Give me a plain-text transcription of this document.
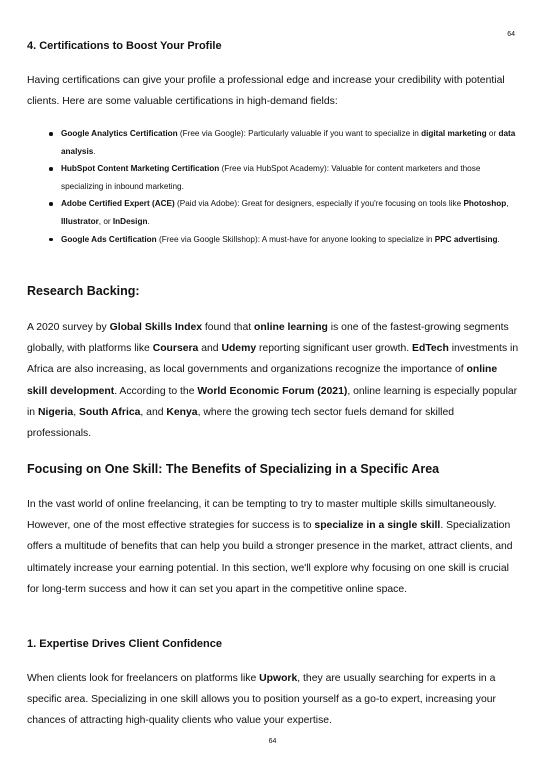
64
4. Certifications to Boost Your Profile

Having certifications can give your profile a professional edge and increase your credibility with potential clients. Here are some valuable certifications in high-demand fields:

Google Analytics Certification (Free via Google): Particularly valuable if you want to specialize in digital marketing or data analysis.
HubSpot Content Marketing Certification (Free via HubSpot Academy): Valuable for content marketers and those specializing in inbound marketing.
Adobe Certified Expert (ACE) (Paid via Adobe): Great for designers, especially if you're focusing on tools like Photoshop, Illustrator, or InDesign.
Google Ads Certification (Free via Google Skillshop): A must-have for anyone looking to specialize in PPC advertising.
Research Backing:

A 2020 survey by Global Skills Index found that online learning is one of the fastest-growing segments globally, with platforms like Coursera and Udemy reporting significant user growth. EdTech investments in Africa are also increasing, as local governments and organizations recognize the importance of online skill development. According to the World Economic Forum (2021), online learning is especially popular in Nigeria, South Africa, and Kenya, where the growing tech sector fuels demand for skilled professionals.

Focusing on One Skill: The Benefits of Specializing in a Specific Area

In the vast world of online freelancing, it can be tempting to try to master multiple skills simultaneously. However, one of the most effective strategies for success is to specialize in a single skill. Specialization offers a multitude of benefits that can help you build a stronger presence in the market, attract clients, and ultimately increase your earning potential. In this section, we'll explore why focusing on one skill is crucial for long-term success and how it can set you apart in the competitive online space.

1. Expertise Drives Client Confidence

When clients look for freelancers on platforms like Upwork, they are usually searching for experts in a specific area. Specializing in one skill allows you to position yourself as a go-to expert, increasing your chances of attracting high-quality clients who value your expertise.

64
